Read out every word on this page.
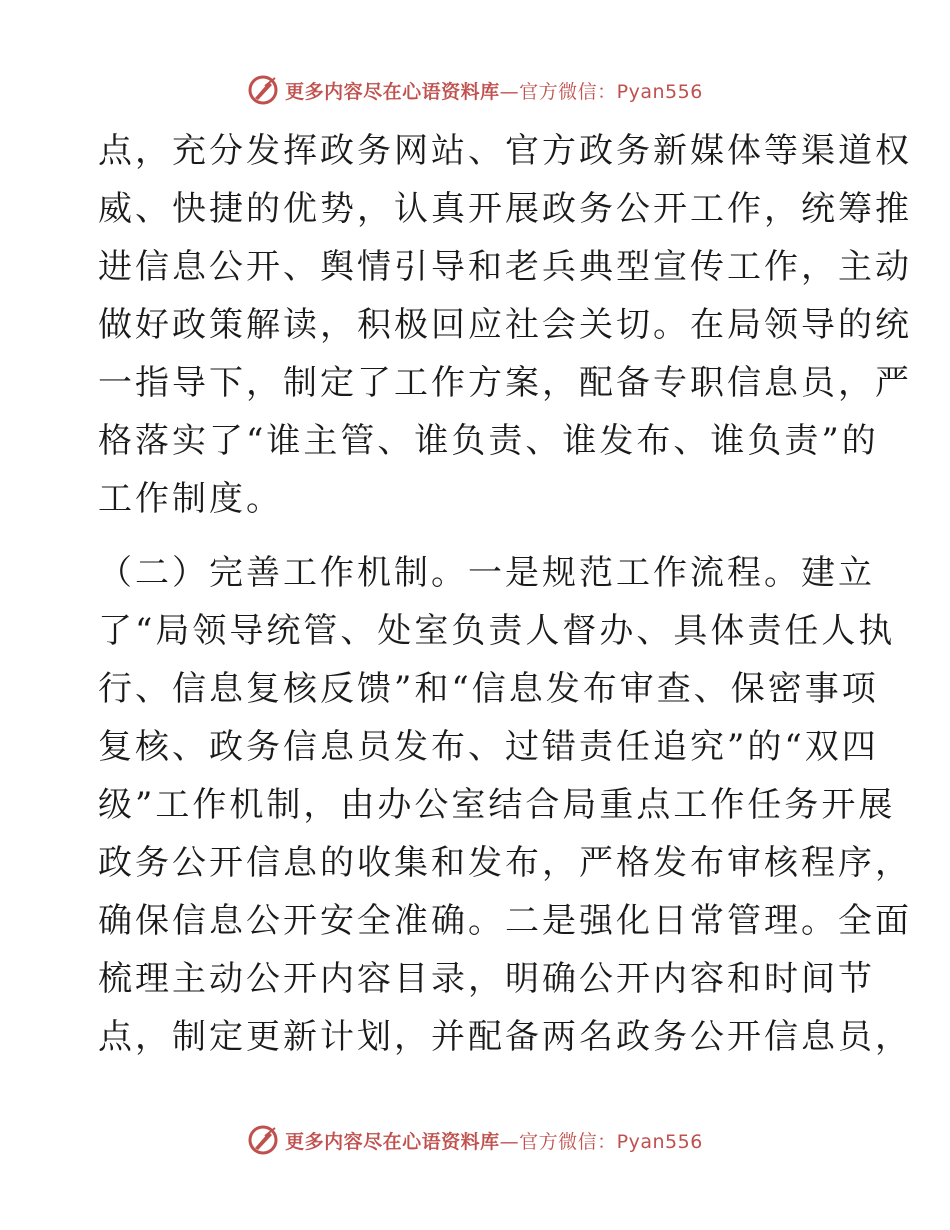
更多内容尽在心语资料库—官方微信：Pyan556
点，充分发挥政务网站、官方政务新媒体等渠道权
威、快捷的优势，认真开展政务公开工作，统筹推
进信息公开、舆情引导和老兵典型宣传工作，主动
做好政策解读，积极回应社会关切。在局领导的统
一指导下，制定了工作方案，配备专职信息员，严
格落实了“谁主管、谁负责、谁发布、谁负责”的
工作制度。
（二）完善工作机制。一是规范工作流程。建立
了“局领导统管、处室负责人督办、具体责任人执
行、信息复核反馈”和“信息发布审查、保密事项
复核、政务信息员发布、过错责任追究”的“双四
级”工作机制，由办公室结合局重点工作任务开展
政务公开信息的收集和发布，严格发布审核程序，
确保信息公开安全准确。二是强化日常管理。全面
梳理主动公开内容目录，明确公开内容和时间节
点，制定更新计划，并配备两名政务公开信息员，
更多内容尽在心语资料库—官方微信：Pyan556
